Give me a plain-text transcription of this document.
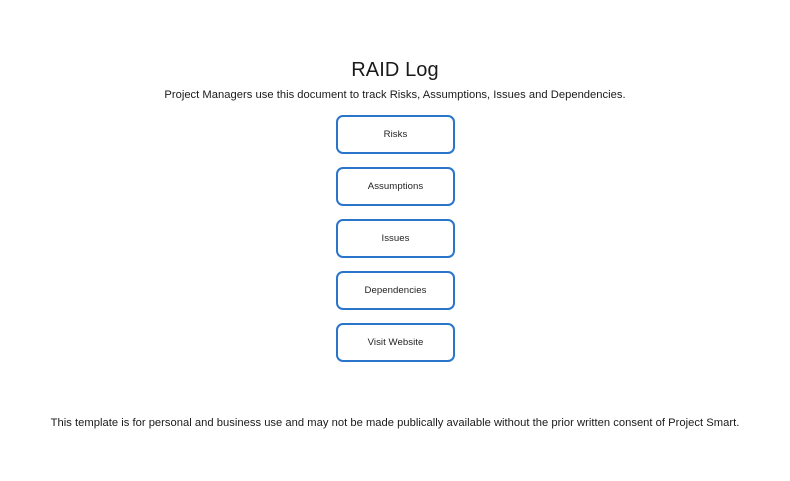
RAID Log

Project Managers use this document to track Risks, Assumptions, Issues and Dependencies.

Risks
Assumptions
Issues
Dependencies
Visit Website

This template is for personal and business use and may not be made publically available without the prior written consent of Project Smart.
